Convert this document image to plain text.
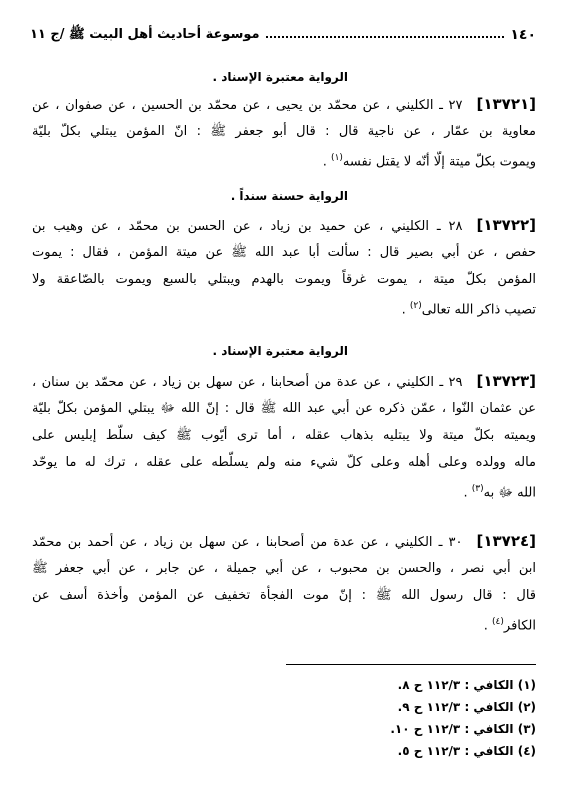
١٤٠
موسوعة أحاديث أهل البيت ﷺ /ج ١١
الرواية معتبرة الإسناد .
[١٣٧٢١]٢٧ ـ الكليني ، عن محمّد بن يحيى ، عن محمّد بن الحسين ، عن صفوان ، عن
معاوية بن عمّار ، عن ناجية قال : قال أبو جعفر ﷺ : انّ المؤمن يبتلي بكلّ بليّة
ويموت بكلّ ميتة إلّا أنّه لا يقتل نفسه$^{(١)}$ .
الرواية حسنة سنداً .
[١٣٧٢٢]٢٨ ـ الكليني ، عن حميد بن زياد ، عن الحسن بن محمّد ، عن وهيب بن
حفص ، عن أبي بصير قال : سألت أبا عبد الله ﷺ عن ميتة المؤمن ، فقال : يموت
المؤمن بكلّ ميتة ، يموت غرقاً ويموت بالهدم ويبتلي بالسبع ويموت بالصّاعقة ولا
تصيب ذاكر الله تعالى$^{(٢)}$ .
الرواية معتبرة الإسناد .
[١٣٧٢٣]٢٩ ـ الكليني ، عن عدة من أصحابنا ، عن سهل بن زياد ، عن محمّد بن سنان ،
عن عثمان النّوا ، عمّن ذكره عن أبي عبد الله ﷺ قال : إنّ الله ﷻ يبتلي المؤمن بكلّ بليّة
ويميته بكلّ ميتة ولا يبتليه بذهاب عقله ، أما ترى أيّوب ﷺ كيف سلّط إبليس على
ماله وولده وعلى أهله وعلى كلّ شيء منه ولم يسلّطه على عقله ، ترك له ما يوحّد
الله ﷻ به$^{(٣)}$ .
[١٣٧٢٤]٣٠ ـ الكليني ، عن عدة من أصحابنا ، عن سهل بن زياد ، عن أحمد بن محمّد
ابن أبي نصر ، والحسن بن محبوب ، عن أبي جميلة ، عن جابر ، عن أبي جعفر ﷺ
قال : قال رسول الله ﷺ : إنّ موت الفجأة تخفيف عن المؤمن وأخذة أسف عن
الكافر$^{(٤)}$ .
(١) الكافي : ١١٢/٣ ح ٨.
(٢) الكافي : ١١٢/٣ ح ٩.
(٣) الكافي : ١١٢/٣ ح ١٠.
(٤) الكافي : ١١٢/٣ ح ٥.
